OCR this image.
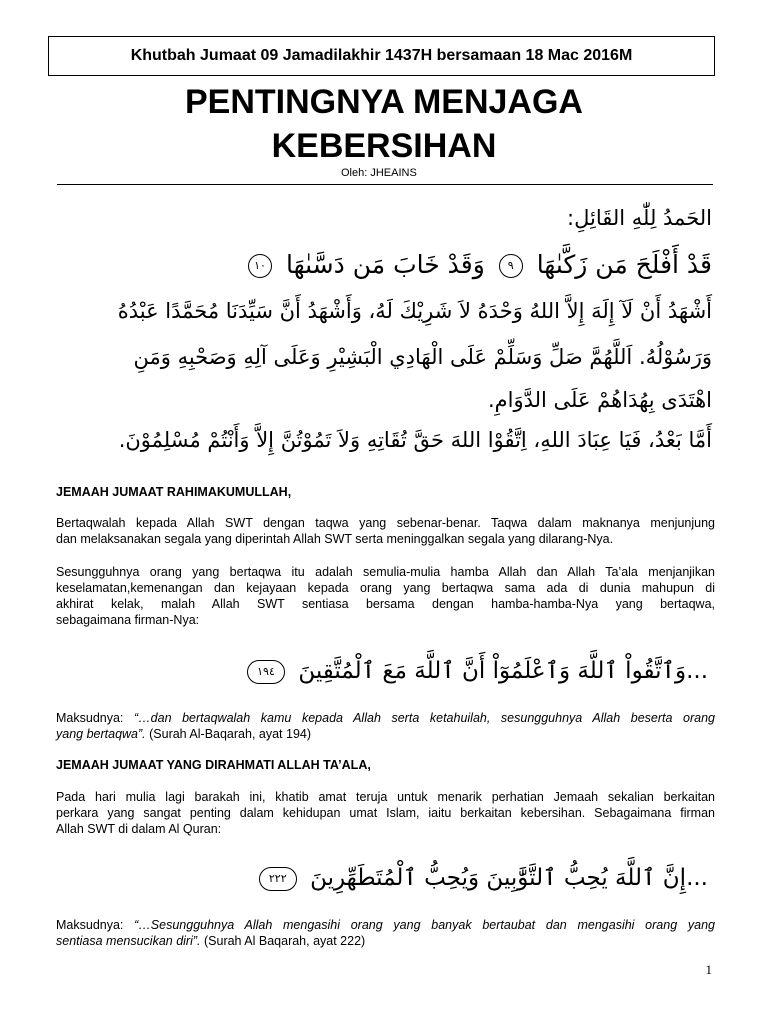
Khutbah Jumaat 09 Jamadilakhir 1437H bersamaan 18 Mac 2016M
PENTINGNYA MENJAGA
KEBERSIHAN
Oleh: JHEAINS
الحَمدُ لِلّٰهِ القَائِلِ:
قَدْ أَفْلَحَ مَن زَكَّىٰهَا ٩ وَقَدْ خَابَ مَن دَسَّىٰهَا ١٠
أَشْهَدُ أَنْ لَآ إِلَهَ إِلاَّ اللهُ وَحْدَهُ لاَ شَرِيْكَ لَهُ، وَأَشْهَدُ أَنَّ سَيِّدَنَا مُحَمَّدًا عَبْدُهُ
وَرَسُوْلُهُ. اَللَّهُمَّ صَلِّ وَسَلِّمْ عَلَى الْهَادِي الْبَشِيْرِ وَعَلَى آلِهِ وَصَحْبِهِ وَمَنِ
اهْتَدَى بِهُدَاهُمْ عَلَى الدَّوَامِ.
أَمَّا بَعْدُ، فَيَا عِبَادَ اللهِ، اِتَّقُوْا اللهَ حَقَّ تُقَاتِهِ وَلاَ تَمُوْتُنَّ إِلاَّ وَأَنْتُمْ مُسْلِمُوْنَ.
JEMAAH JUMAAT RAHIMAKUMULLAH,
Bertaqwalah kepada Allah SWT dengan taqwa yang sebenar-benar. Taqwa dalam maknanya menjunjung
dan melaksanakan segala yang diperintah Allah SWT serta meninggalkan segala yang dilarang-Nya.
Sesungguhnya orang yang bertaqwa itu adalah semulia-mulia hamba Allah dan Allah Ta’ala menjanjikan
keselamatan,kemenangan dan kejayaan kepada orang yang bertaqwa sama ada di dunia mahupun di
akhirat kelak, malah Allah SWT sentiasa bersama dengan hamba-hamba-Nya yang bertaqwa,
sebagaimana firman-Nya:
...وَٱتَّقُواْ ٱللَّهَ وَٱعْلَمُوٓاْ أَنَّ ٱللَّهَ مَعَ ٱلْمُتَّقِينَ ١٩٤
Maksudnya: “…dan bertaqwalah kamu kepada Allah serta ketahuilah, sesungguhnya Allah beserta orang
yang bertaqwa”. (Surah Al-Baqarah, ayat 194)
JEMAAH JUMAAT YANG DIRAHMATI ALLAH TA’ALA,
Pada hari mulia lagi barakah ini, khatib amat teruja untuk menarik perhatian Jemaah sekalian berkaitan
perkara yang sangat penting dalam kehidupan umat Islam, iaitu berkaitan kebersihan. Sebagaimana firman
Allah SWT di dalam Al Quran:
...إِنَّ ٱللَّهَ يُحِبُّ ٱلتَّوَّٰبِينَ وَيُحِبُّ ٱلْمُتَطَهِّرِينَ ٢٢٢
Maksudnya: “…Sesungguhnya Allah mengasihi orang yang banyak bertaubat dan mengasihi orang yang
sentiasa mensucikan diri”. (Surah Al Baqarah, ayat 222)
1
